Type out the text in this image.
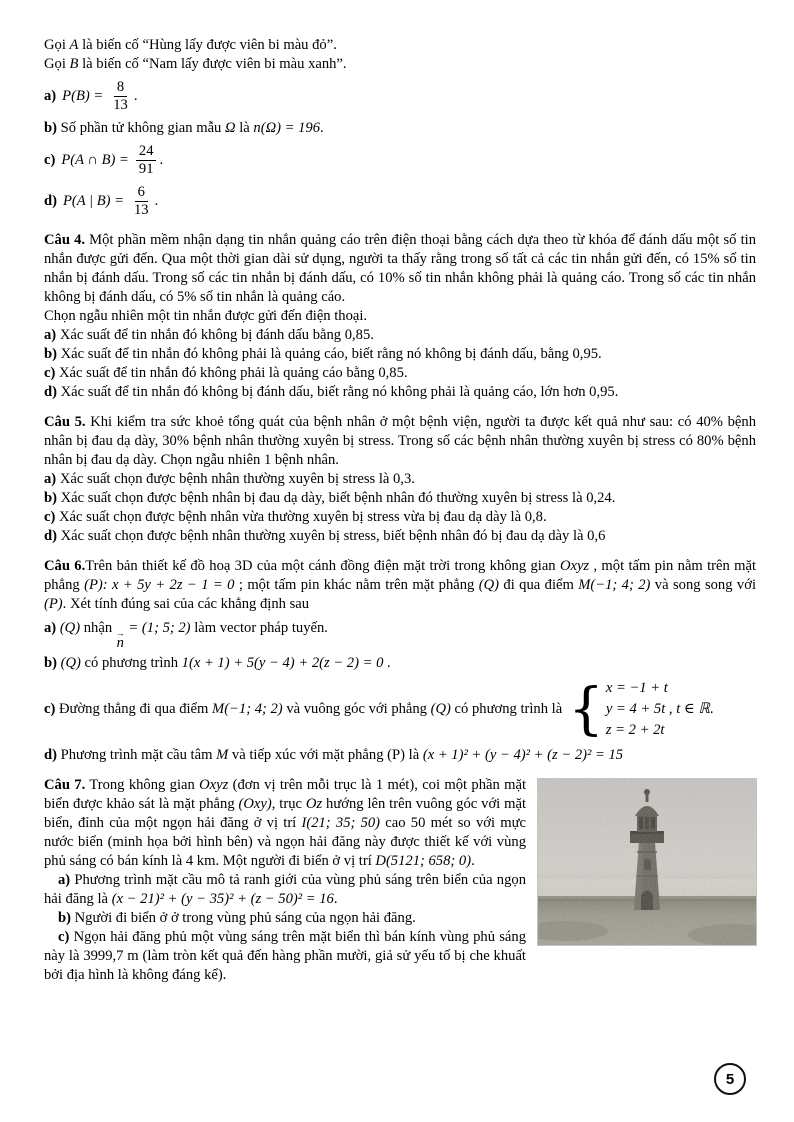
Gọi A là biến cố “Hùng lấy được viên bi màu đỏ”.

Gọi B là biến cố “Nam lấy được viên bi màu xanh”.

a) $P(B) = \frac{8}{13}$ .

b) Số phần tử không gian mẫu Ω là n(Ω) = 196.

c) P(A ∩ $B) = \frac{24}{91}$ .
d) P(A | $B) = \frac{6}{13}$ .

Câu 4. Một phần mềm nhận dạng tin nhắn quảng cáo trên điện thoại bằng cách dựa theo từ khóa để đánh dấu một số tin nhắn được gửi đến. Qua một thời gian dài sử dụng, người ta thấy rằng trong số tất cả các tin nhắn gửi đến, có 15% số tin nhắn bị đánh dấu. Trong số các tin nhắn bị đánh dấu, có 10% số tin nhắn không phải là quảng cáo. Trong số các tin nhắn không bị đánh dấu, có 5% số tin nhắn là quảng cáo.

Chọn ngẫu nhiên một tin nhắn được gửi đến điện thoại.

a) Xác suất để tin nhắn đó không bị đánh dấu bằng 0,85.

b) Xác suất để tin nhắn đó không phải là quảng cáo, biết rằng nó không bị đánh dấu, bằng 0,95.

c) Xác suất để tin nhắn đó không phải là quảng cáo bằng 0,85.

d) Xác suất để tin nhắn đó không bị đánh dấu, biết rằng nó không phải là quảng cáo, lớn hơn 0,95.

Câu 5. Khi kiểm tra sức khoẻ tổng quát của bệnh nhân ở một bệnh viện, người ta được kết quả như sau: có 40% bệnh nhân bị đau dạ dày, 30% bệnh nhân thường xuyên bị stress. Trong số các bệnh nhân thường xuyên bị stress có 80% bệnh nhân bị đau dạ dày. Chọn ngẫu nhiên 1 bệnh nhân.

a) Xác suất chọn được bệnh nhân thường xuyên bị stress là 0,3.

b) Xác suất chọn được bệnh nhân bị đau dạ dày, biết bệnh nhân đó thường xuyên bị stress là 0,24.

c) Xác suất chọn được bệnh nhân vừa thường xuyên bị stress vừa bị đau dạ dày là 0,8.

d) Xác suất chọn được bệnh nhân thường xuyên bị stress, biết bệnh nhân đó bị đau dạ dày là 0,6

Câu 6.Trên bản thiết kế đồ hoạ 3D của một cánh đồng điện mặt trời trong không gian Oxyz , một tấm pin nằm trên mặt phẳng (P): x + 5y + 2z − 1 = 0 ; một tấm pin khác nằm trên mặt phẳng (Q) đi qua điểm M(−1; 4; 2) và song song với (P). Xét tính đúng sai của các khẳng định sau

a) (Q) nhận →
n
= (1; 5; 2) làm vector pháp tuyến.

b) (Q) có phương trình 1(x + 1) + 5(y − 4) + 2(z − 2) = 0 .

c) Đường thẳng đi qua điểm M(−1; 4; 2) và vuông góc với phẳng (Q) có phương trình là { x = −1 + t
y = 4 + 5t , t ∈ ℝ
z = 2 + 2t
.

d) Phương trình mặt cầu tâm M và tiếp xúc với mặt phẳng (P) là (x + 1)² + (y − 4)² + (z − 2)² = 15

Câu 7. Trong không gian Oxyz (đơn vị trên mỗi trục là 1 mét), coi một phần mặt biển được khảo sát là mặt phẳng (Oxy), trục Oz hướng lên trên vuông góc với mặt biển, đỉnh của một ngọn hải đăng ở vị trí I(21; 35; 50) cao 50 mét so với mực nước biển (minh họa bởi hình bên) và ngọn hải đăng này được thiết kế với vùng phủ sáng có bán kính là 4 km. Một người đi biển ở vị trí D(5121; 658; 0).

a) Phương trình mặt cầu mô tả ranh giới của vùng phủ sáng trên biển của ngọn hải đăng là (x − 21)² + (y − 35)² + (z − 50)² = 16.

b) Người đi biển ở ở trong vùng phủ sáng của ngọn hải đăng.

c) Ngọn hải đăng phủ một vùng sáng trên mặt biển thì bán kính vùng phủ sáng này là 3999,7 m (làm tròn kết quả đến hàng phần mười, giả sử yếu tố bị che khuất bởi địa hình là không đáng kể).

5
